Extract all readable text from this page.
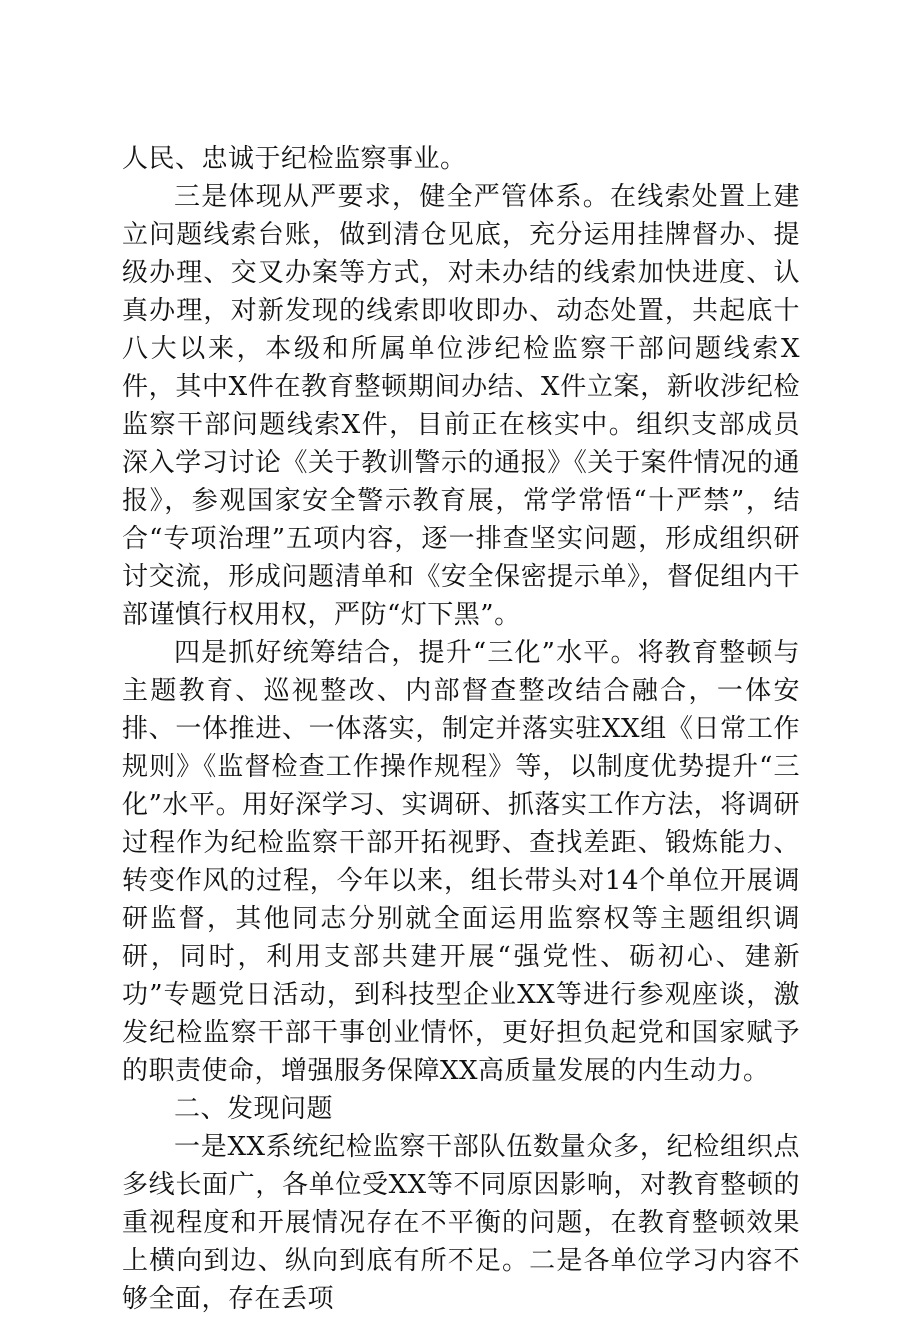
人民、忠诚于纪检监察事业。

三是体现从严要求，健全严管体系。在线索处置上建立问题线索台账，做到清仓见底，充分运用挂牌督办、提级办理、交叉办案等方式，对未办结的线索加快进度、认真办理，对新发现的线索即收即办、动态处置，共起底十八大以来，本级和所属单位涉纪检监察干部问题线索X件，其中X件在教育整顿期间办结、X件立案，新收涉纪检监察干部问题线索X件，目前正在核实中。组织支部成员深入学习讨论《关于教训警示的通报》《关于案件情况的通报》，参观国家安全警示教育展，常学常悟“十严禁”，结合“专项治理”五项内容，逐一排查坚实问题，形成组织研讨交流，形成问题清单和《安全保密提示单》，督促组内干部谨慎行权用权，严防“灯下黑”。

四是抓好统筹结合，提升“三化”水平。将教育整顿与主题教育、巡视整改、内部督查整改结合融合，一体安排、一体推进、一体落实，制定并落实驻XX组《日常工作规则》《监督检查工作操作规程》等，以制度优势提升“三化”水平。用好深学习、实调研、抓落实工作方法，将调研过程作为纪检监察干部开拓视野、查找差距、锻炼能力、转变作风的过程，今年以来，组长带头对14个单位开展调研监督，其他同志分别就全面运用监察权等主题组织调研，同时，利用支部共建开展“强党性、砺初心、建新功”专题党日活动，到科技型企业XX等进行参观座谈，激发纪检监察干部干事创业情怀，更好担负起党和国家赋予的职责使命，增强服务保障XX高质量发展的内生动力。

二、发现问题

一是XX系统纪检监察干部队伍数量众多，纪检组织点多线长面广，各单位受XX等不同原因影响，对教育整顿的重视程度和开展情况存在不平衡的问题，在教育整顿效果上横向到边、纵向到底有所不足。二是各单位学习内容不够全面，存在丢项
